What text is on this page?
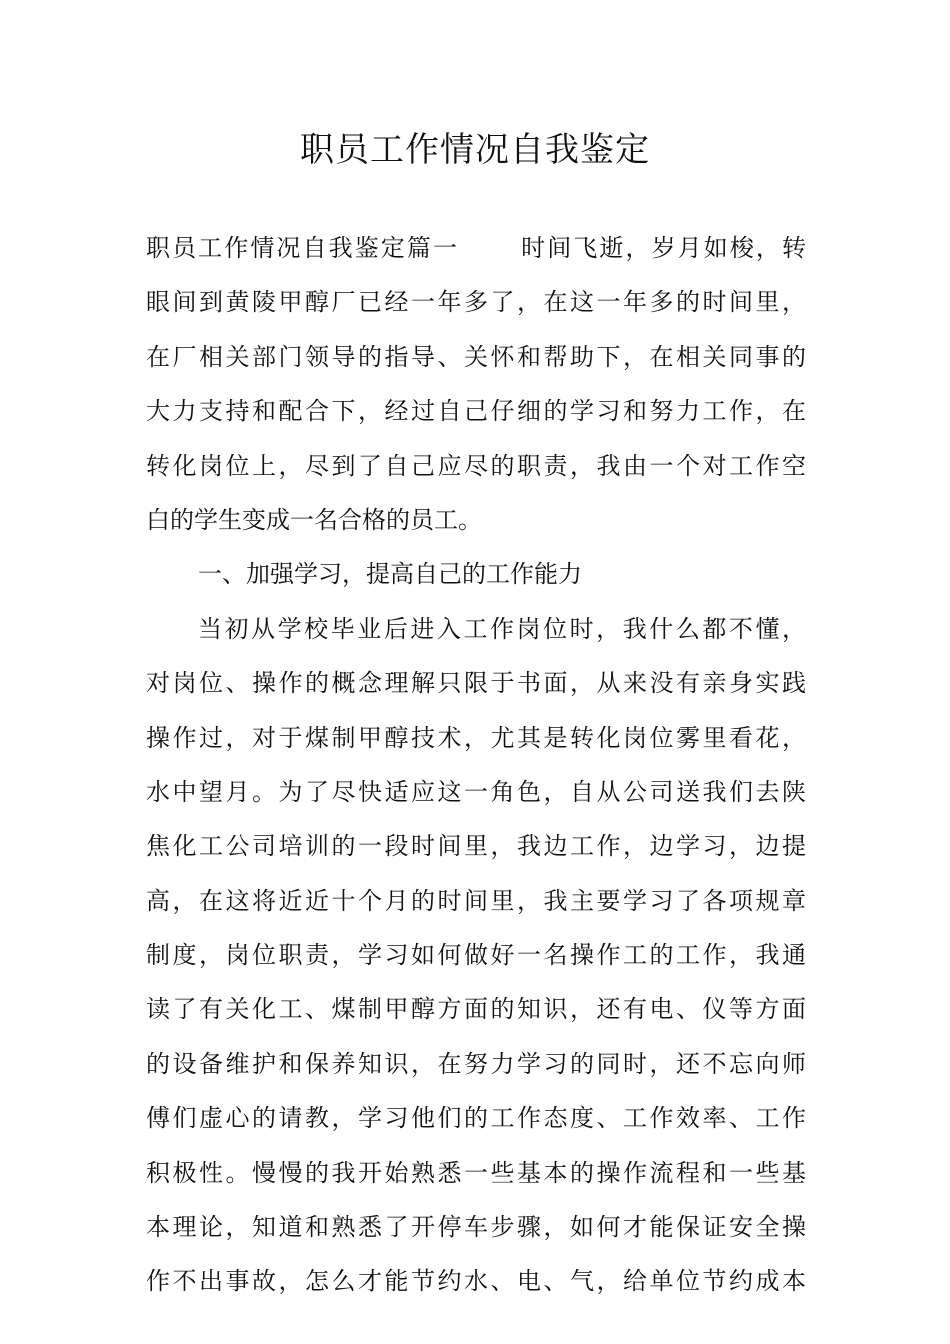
职员工作情况自我鉴定
职员工作情况自我鉴定篇一	时间飞逝，岁月如梭，转
眼间到黄陵甲醇厂已经一年多了，在这一年多的时间里，
在厂相关部门领导的指导、关怀和帮助下，在相关同事的
大力支持和配合下，经过自己仔细的学习和努力工作，在
转化岗位上，尽到了自己应尽的职责，我由一个对工作空
白的学生变成一名合格的员工。
一、加强学习，提高自己的工作能力
当初从学校毕业后进入工作岗位时，我什么都不懂，
对岗位、操作的概念理解只限于书面，从来没有亲身实践
操作过，对于煤制甲醇技术，尤其是转化岗位雾里看花，
水中望月。为了尽快适应这一角色，自从公司送我们去陕
焦化工公司培训的一段时间里，我边工作，边学习，边提
高，在这将近近十个月的时间里，我主要学习了各项规章
制度，岗位职责，学习如何做好一名操作工的工作，我通
读了有关化工、煤制甲醇方面的知识，还有电、仪等方面
的设备维护和保养知识，在努力学习的同时，还不忘向师
傅们虚心的请教，学习他们的工作态度、工作效率、工作
积极性。慢慢的我开始熟悉一些基本的操作流程和一些基
本理论，知道和熟悉了开停车步骤，如何才能保证安全操
作不出事故，怎么才能节约水、电、气，给单位节约成本
